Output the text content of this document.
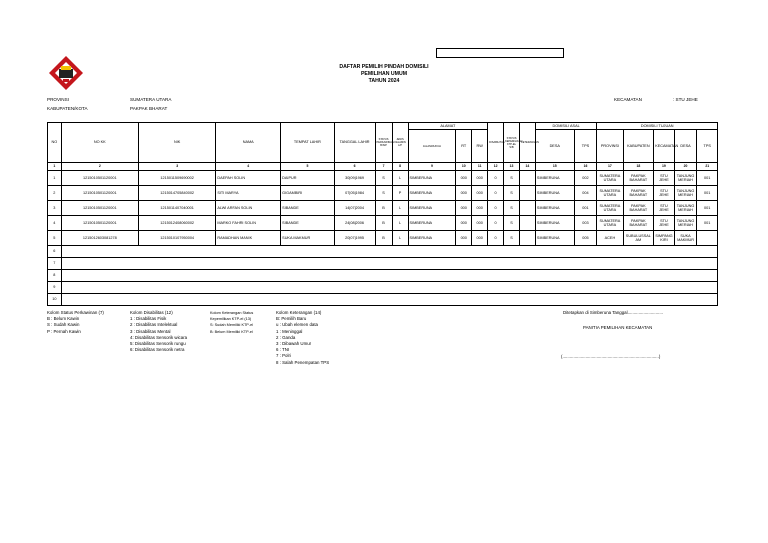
DAFTAR PEMILIH PINDAH DOMISILI
PEMILIHAN UMUM
TAHUN 2024
PROVINSI	SUMATERA UTARA
KABUPATEN/KOTA	PAKPAK BHARAT
KECAMATAN	: STU JEHE
NO	NO KK	NIK	NAMA	TEMPAT LAHIR	TANGGAL LAHIR	STATUS PERKAWINAN B/S/P	JENIS KELAMIN L/P	ALAMAT			DISABILITAS	STATUS KEPEMILIKAN KTP-EL S/B	KETERANGAN	DOMISILI ASAL		DOMISILI TUJUAN				
								JALAN/DUKUH	RT	RW				DESA	TPS	PROVINSI	KABUPATEN	KECAMATAN	DESA	TPS
1	2	3	4	5	6	7	8	9	10	11	12	13	14	15	16	17	18	19	20	21
1	1215010501120001	1215011509690002	DAEPAH SOLIN	DAIPUR	30|09|1969	S	L	SIMBERUNA	000	000	0	S		SIMBERUNA	002	SUMATERA UTARA	PAKPAK BAHARAT	STU JEHE	TANJUNG MERIAH	001
2	1215010501120001	1215014705840002	SITI MARYA	GIGAMBIRI	07|05|1984	S	P	SIMBERUNA	000	000	0	S		SIMBERUNA	004	SUMATERA UTARA	PAKPAK BAHARAT	STU JEHE	TANJUNG MERIAH	001
3	1215010501120001	1215011407040001	ALWI ARFAN SOLIN	SIBANDE	14|07|2004	B	L	SIMBERUNA	000	000	0	S		SIMBERUNA	001	SUMATERA UTARA	PAKPAK BAHARAT	STU JEHE	TANJUNG MERIAH	001
4	1215010501120001	1215012408060002	MARKO FAHRI SOLIN	SIBANDE	24|08|2006	B	L	SIMBERUNA	000	000	0	S		SIMBERUNA	003	SUMATERA UTARA	PAKPAK BAHARAT	STU JEHE	TANJUNG MERIAH	001
5	1215012603081278	1215010107950004	RAMADHAN MANIK	SUKA MAKMUR	20|07|1995	B	L	SIMBERUNA	000	000	0	S		SIMBERUNA	005	ACEH	SUBULUSSAL AM	SIMPANG KIRI	SUKA MAKMUR	
6																				
7																				
8																				
9																				
10																				
Kolom Status Perkawinan (7)
B : Belum Kawin
S : Sudah Kawin
P : Pernah Kawin
Kolom Disabilitas (12)
1 : Disabilitas Fisik
2 : Disabilitas Intelektual
3 : Disabilitas Mental
4: Disabilitas Sensorik wicara
5: Disabilitas Sensorik rungu
6: Disabilitas Sensorik netra
Kolom Keterangan Status
Kepemilikan KTP-el (13)
S: Sudah Memiliki KTP-el
B: Belum Memiliki KTP-el
Kolom Keterangan (14)
B: Pemilih Baru
u : Ubah elemen data
1 : Meninggal
2 : Ganda
3 : Dibawah Umur
6 : TNI
7 : Polri
8 : Salah Penempatan TPS
Ditetapkan di Simberuna Tanggal.............................
PANITIA PEMILIHAN KECAMATAN
(...............................................................................)
